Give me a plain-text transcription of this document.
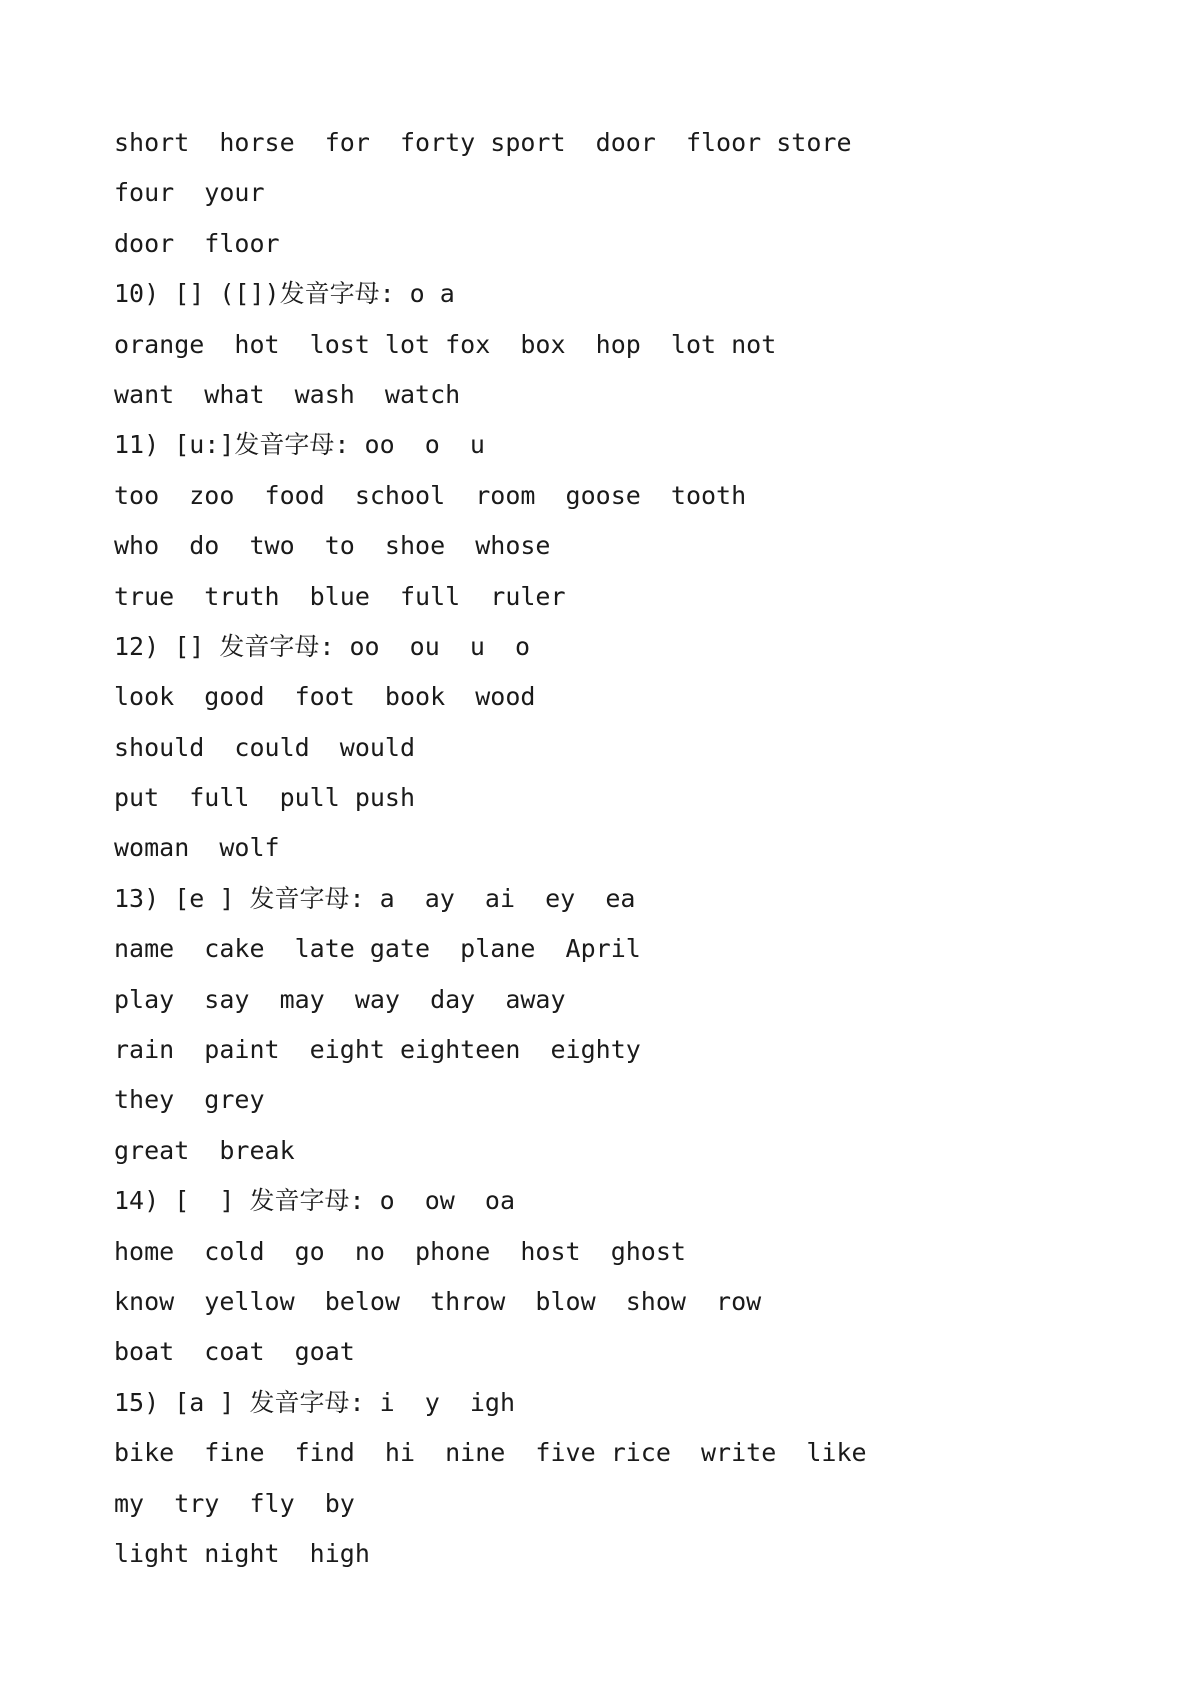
short  horse  for  forty sport  door  floor store
four  your
door  floor
10) [] ([])发音字母: o a
orange  hot  lost lot fox  box  hop  lot not
want  what  wash  watch
11) [u:]发音字母: oo  o  u
too  zoo  food  school  room  goose  tooth
who  do  two  to  shoe  whose
true  truth  blue  full  ruler
12) [] 发音字母: oo  ou  u  o
look  good  foot  book  wood
should  could  would
put  full  pull push
woman  wolf
13) [e ] 发音字母: a  ay  ai  ey  ea
name  cake  late gate  plane  April
play  say  may  way  day  away
rain  paint  eight eighteen  eighty
they  grey
great  break
14) [  ] 发音字母: o  ow  oa
home  cold  go  no  phone  host  ghost
know  yellow  below  throw  blow  show  row
boat  coat  goat
15) [a ] 发音字母: i  y  igh
bike  fine  find  hi  nine  five rice  write  like
my  try  fly  by
light night  high
